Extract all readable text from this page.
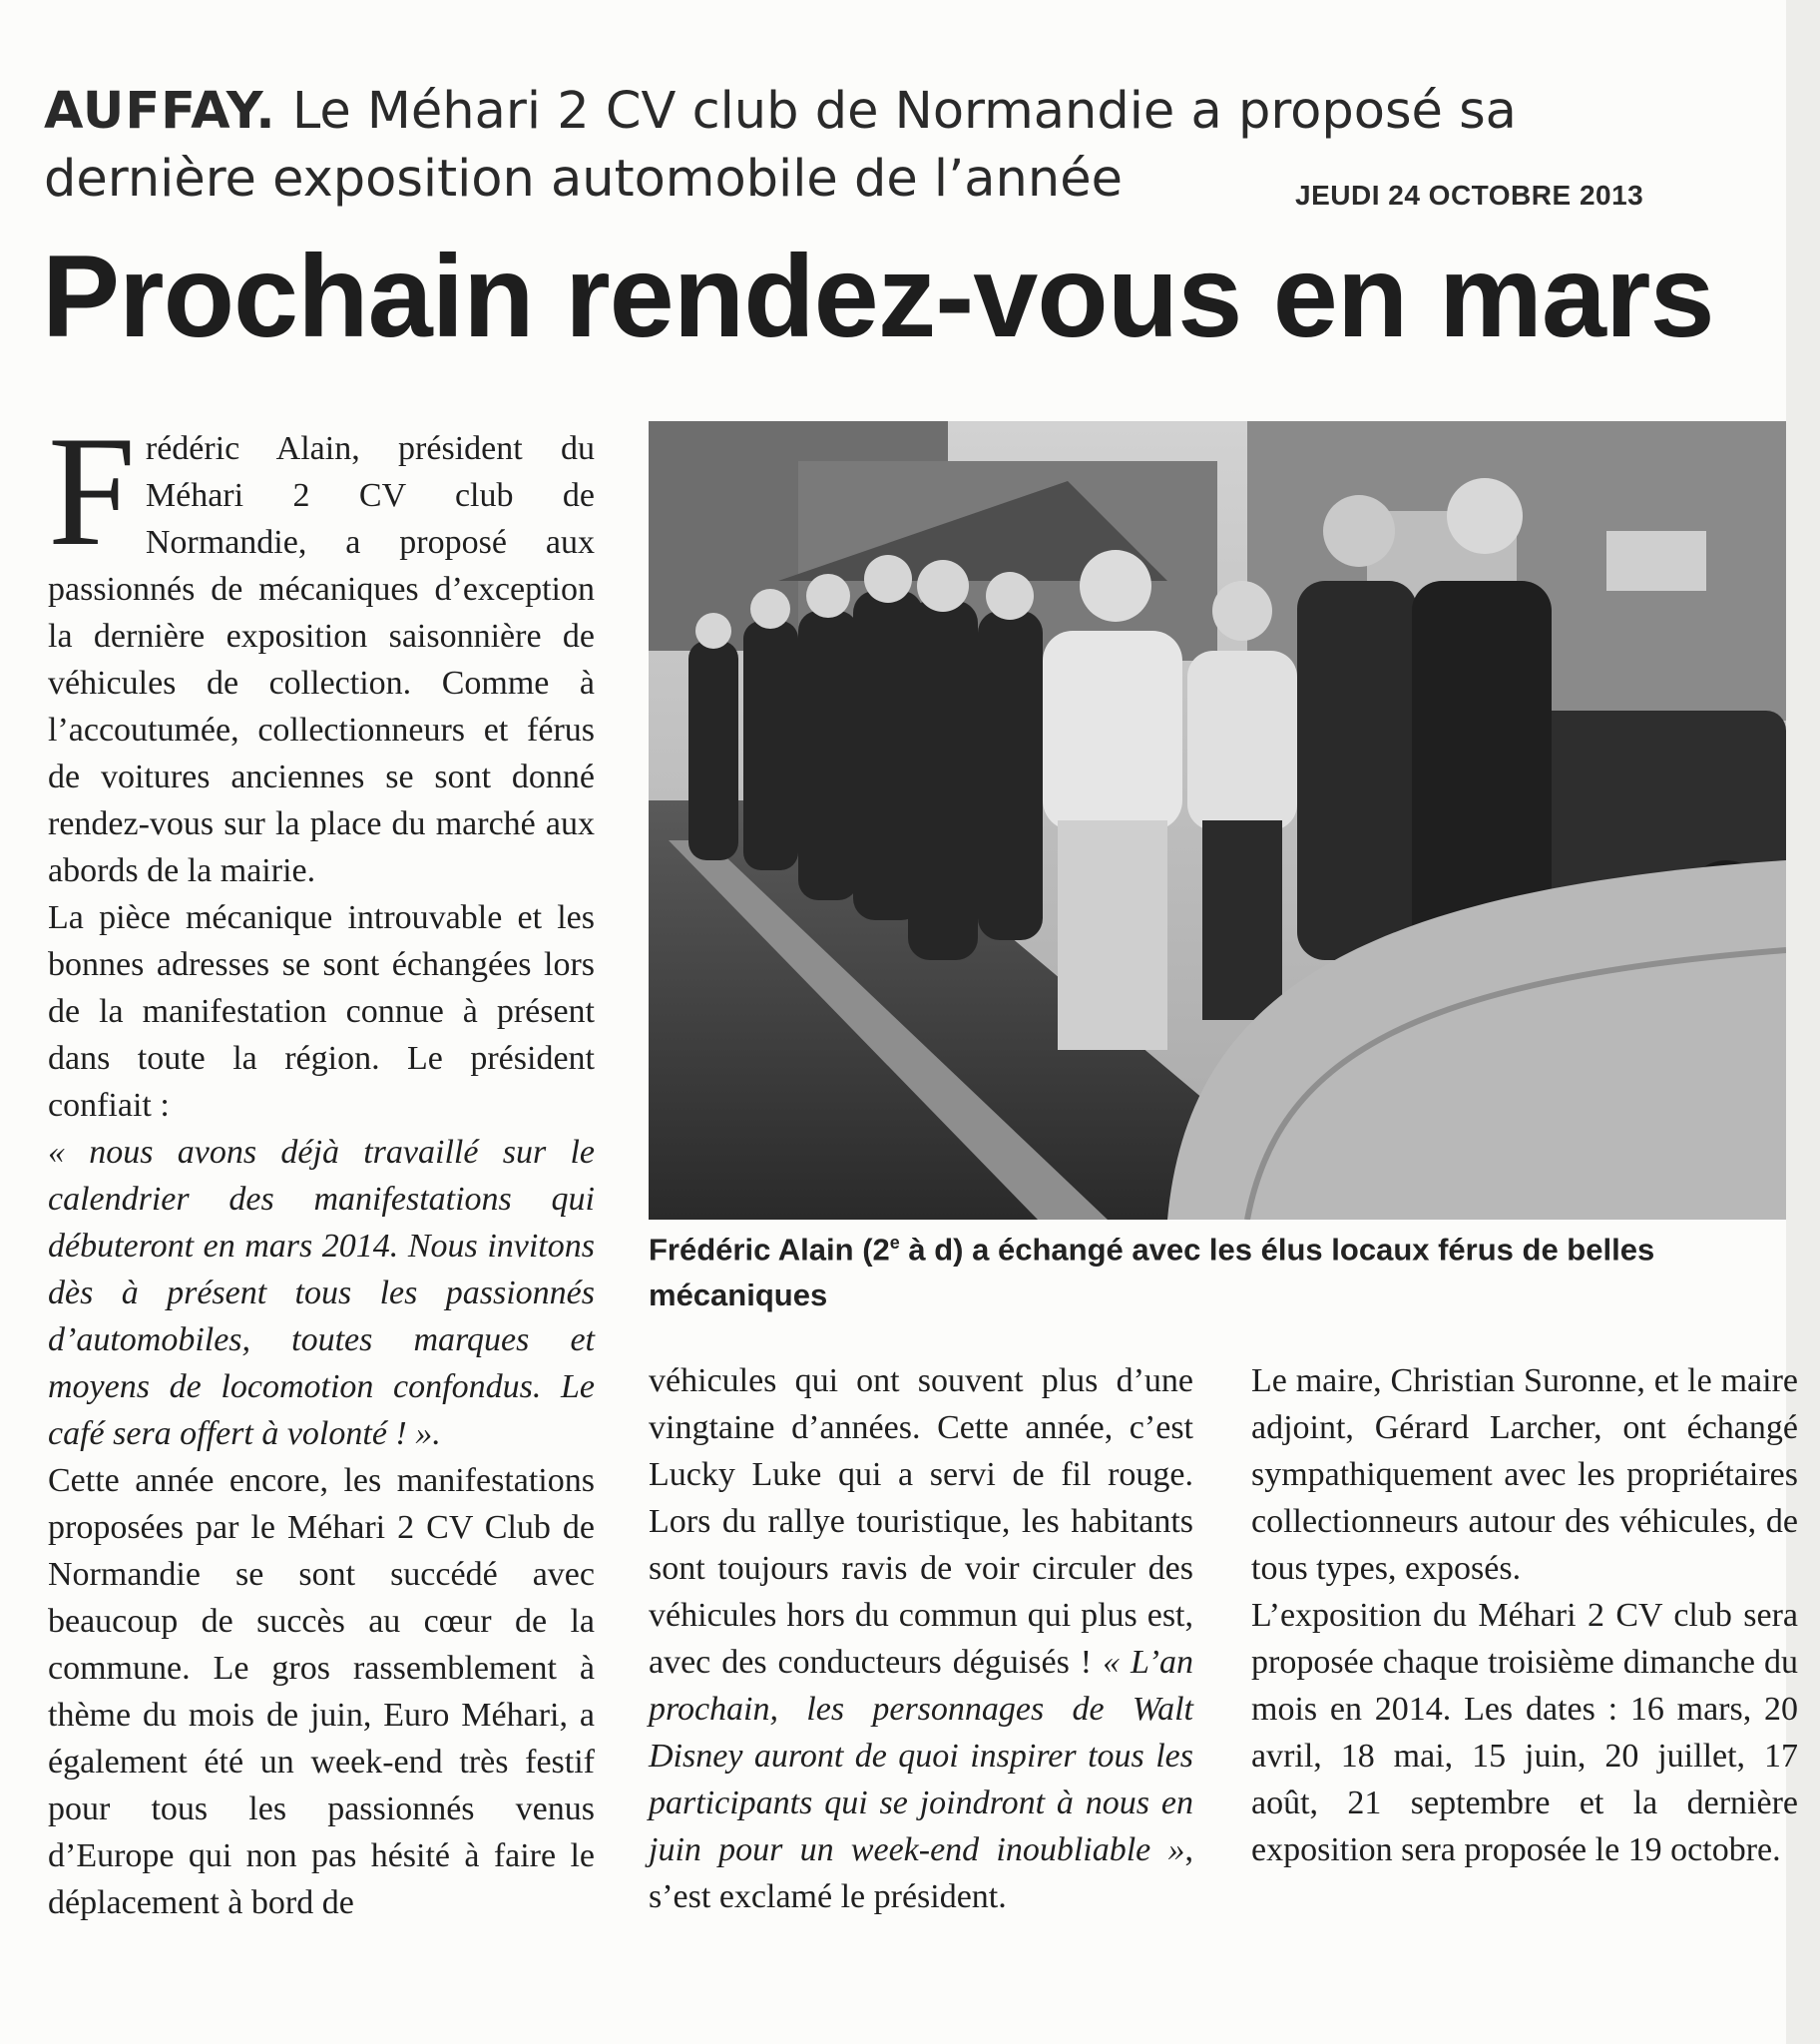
AUFFAY. Le Méhari 2 CV club de Normandie a proposé sa dernière exposition automobile de l’année	JEUDI 24 OCTOBRE 2013
Prochain rendez-vous en mars

Frédéric Alain, président du Méhari 2 CV club de Normandie, a proposé aux passionnés de mécaniques d’exception la dernière exposition saisonnière de véhicules de collection. Comme à l’accoutumée, collectionneurs et férus de voitures anciennes se sont donné rendez-vous sur la place du marché aux abords de la mairie.

La pièce mécanique introuvable et les bonnes adresses se sont échangées lors de la manifestation connue à présent dans toute la région. Le président confiait :

« nous avons déjà travaillé sur le calendrier des manifestations qui débuteront en mars 2014. Nous invitons dès à présent tous les passionnés d’automobiles, toutes marques et moyens de locomotion confondus. Le café sera offert à volonté ! ».

Cette année encore, les manifestations proposées par le Méhari 2 CV Club de Normandie se sont succédé avec beaucoup de succès au cœur de la commune. Le gros rassemblement à thème du mois de juin, Euro Méhari, a également été un week-end très festif pour tous les passionnés venus d’Europe qui non pas hésité à faire le déplacement à bord de

Frédéric Alain (2e à d) a échangé avec les élus locaux férus de belles mécaniques

véhicules qui ont souvent plus d’une vingtaine d’années. Cette année, c’est Lucky Luke qui a servi de fil rouge. Lors du rallye touristique, les habitants sont toujours ravis de voir circuler des véhicules hors du commun qui plus est, avec des conducteurs déguisés ! « L’an prochain, les personnages de Walt Disney auront de quoi inspirer tous les participants qui se joindront à nous en juin pour un week-end inoubliable », s’est exclamé le président.

Le maire, Christian Suronne, et le maire adjoint, Gérard Larcher, ont échangé sympathiquement avec les propriétaires collectionneurs autour des véhicules, de tous types, exposés.

L’exposition du Méhari 2 CV club sera proposée chaque troisième dimanche du mois en 2014. Les dates : 16 mars, 20 avril, 18 mai, 15 juin, 20 juillet, 17 août, 21 septembre et la dernière exposition sera proposée le 19 octobre.
